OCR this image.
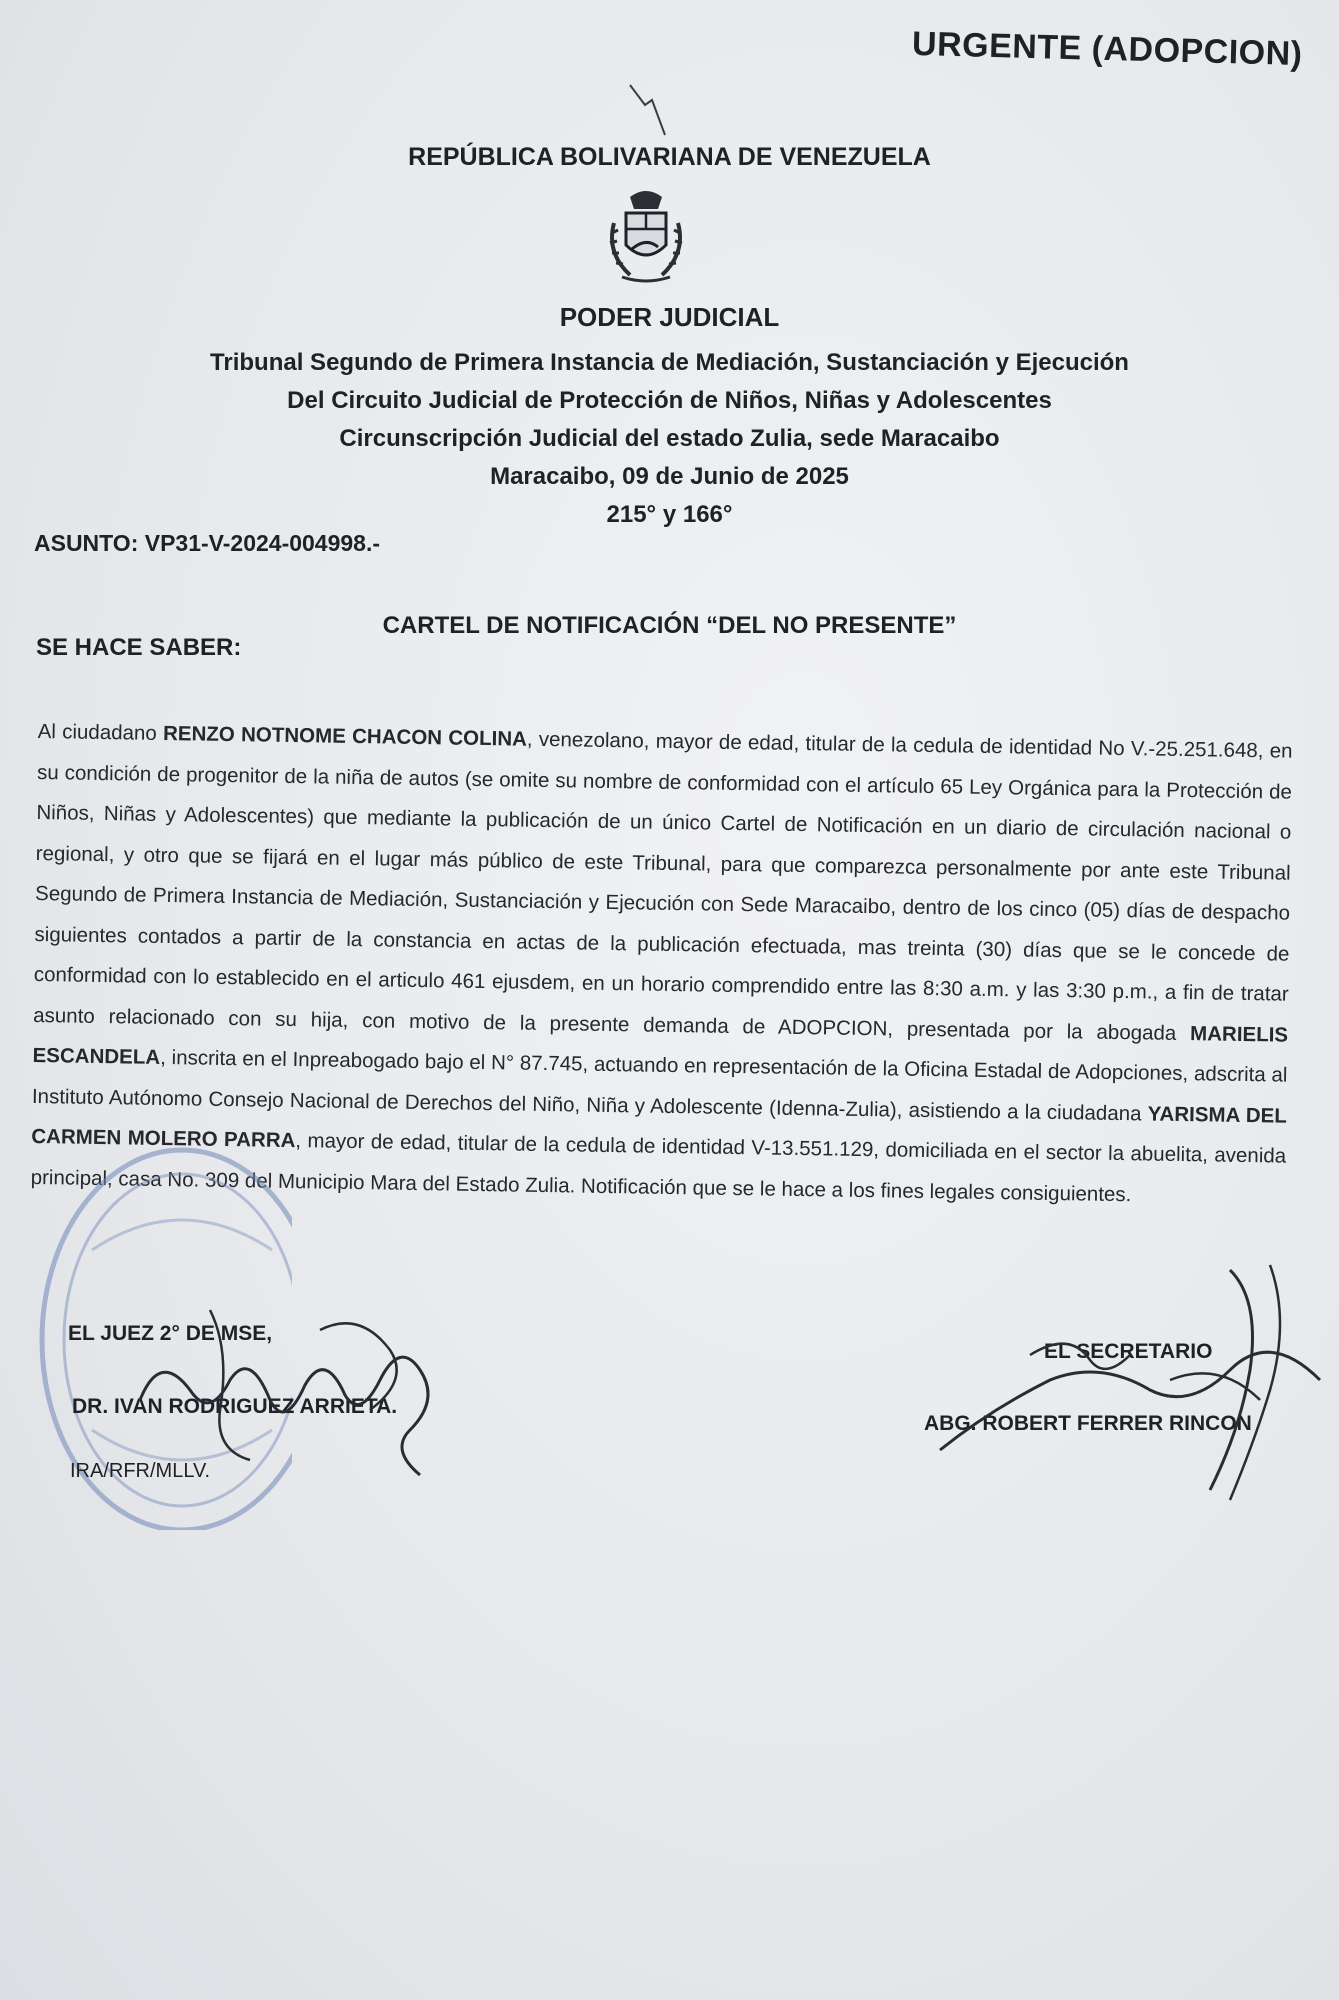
URGENTE (ADOPCION)
REPÚBLICA BOLIVARIANA DE VENEZUELA
PODER JUDICIAL
Tribunal Segundo de Primera Instancia de Mediación, Sustanciación y Ejecución
Del Circuito Judicial de Protección de Niños, Niñas y Adolescentes
Circunscripción Judicial del estado Zulia, sede Maracaibo
Maracaibo, 09 de Junio de 2025
215° y 166°
ASUNTO: VP31-V-2024-004998.-
CARTEL DE NOTIFICACIÓN “DEL NO PRESENTE”
SE HACE SABER:
Al ciudadano RENZO NOTNOME CHACON COLINA, venezolano, mayor de edad, titular de la cedula de identidad No V.-25.251.648, en su condición de progenitor de la niña de autos (se omite su nombre de conformidad con el artículo 65 Ley Orgánica para la Protección de Niños, Niñas y Adolescentes) que mediante la publicación de un único Cartel de Notificación en un diario de circulación nacional o regional, y otro que se fijará en el lugar más público de este Tribunal, para que comparezca personalmente por ante este Tribunal Segundo de Primera Instancia de Mediación, Sustanciación y Ejecución con Sede Maracaibo, dentro de los cinco (05) días de despacho siguientes contados a partir de la constancia en actas de la publicación efectuada, mas treinta (30) días que se le concede de conformidad con lo establecido en el articulo 461 ejusdem, en un horario comprendido entre las 8:30 a.m. y las 3:30 p.m., a fin de tratar asunto relacionado con su hija, con motivo de la presente demanda de ADOPCION, presentada por la abogada MARIELIS ESCANDELA, inscrita en el Inpreabogado bajo el N° 87.745, actuando en representación de la Oficina Estadal de Adopciones, adscrita al Instituto Autónomo Consejo Nacional de Derechos del Niño, Niña y Adolescente (Idenna-Zulia), asistiendo a la ciudadana YARISMA DEL CARMEN MOLERO PARRA, mayor de edad, titular de la cedula de identidad V-13.551.129, domiciliada en el sector la abuelita, avenida principal, casa No. 309 del Municipio Mara del Estado Zulia. Notificación que se le hace a los fines legales consiguientes.
EL JUEZ 2° DE MSE,
DR. IVAN RODRIGUEZ ARRIETA.
IRA/RFR/MLLV.
EL SECRETARIO
ABG. ROBERT FERRER RINCON
